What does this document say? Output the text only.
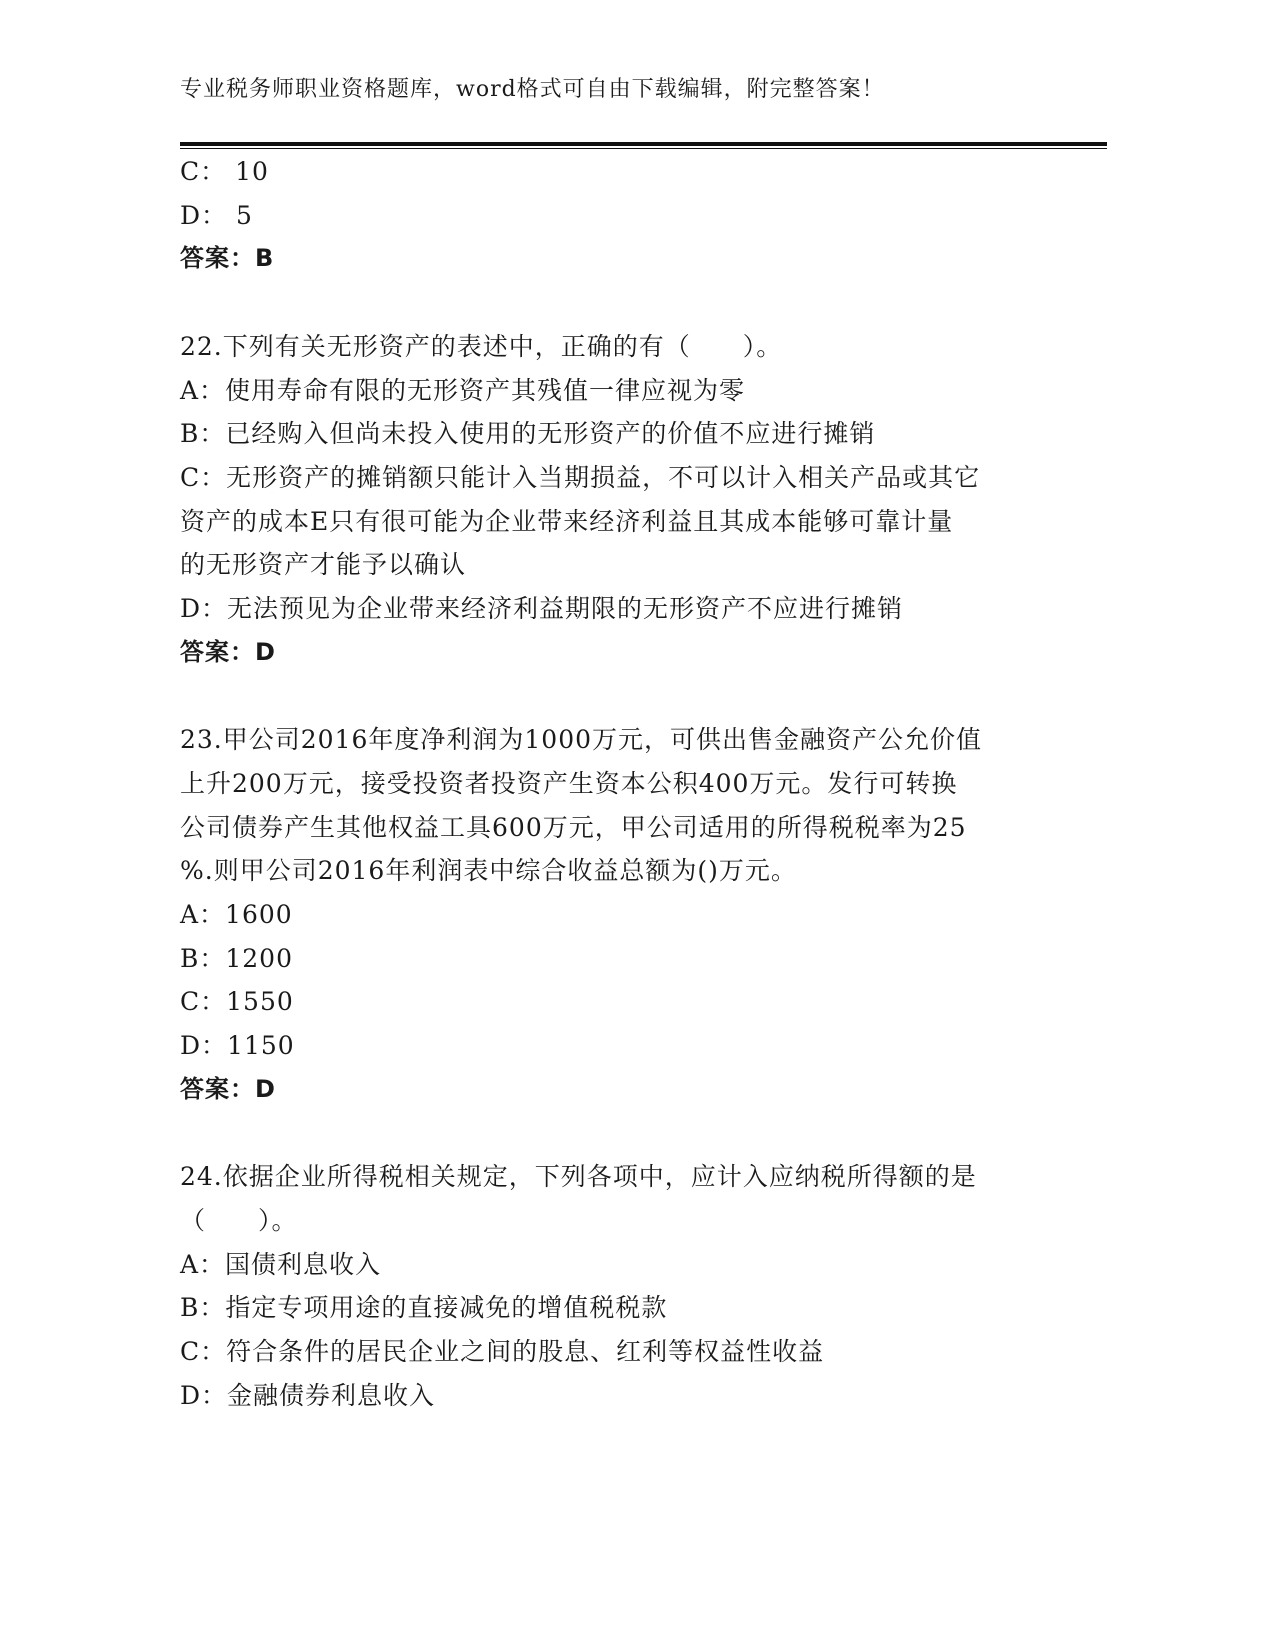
专业税务师职业资格题库，word格式可自由下载编辑，附完整答案！
C： 10
D： 5
答案：B
22.下列有关无形资产的表述中，正确的有（　　）。
A：使用寿命有限的无形资产其残值一律应视为零
B：已经购入但尚未投入使用的无形资产的价值不应进行摊销
C：无形资产的摊销额只能计入当期损益，不可以计入相关产品或其它
资产的成本E只有很可能为企业带来经济利益且其成本能够可靠计量
的无形资产才能予以确认
D：无法预见为企业带来经济利益期限的无形资产不应进行摊销
答案：D
23.甲公司2016年度净利润为1000万元，可供出售金融资产公允价值
上升200万元，接受投资者投资产生资本公积400万元。发行可转换
公司债券产生其他权益工具600万元，甲公司适用的所得税税率为25
%.则甲公司2016年利润表中综合收益总额为()万元。
A：1600
B：1200
C：1550
D：1150
答案：D
24.依据企业所得税相关规定，下列各项中，应计入应纳税所得额的是
（　　）。
A：国债利息收入
B：指定专项用途的直接减免的增值税税款
C：符合条件的居民企业之间的股息、红利等权益性收益
D：金融债券利息收入
